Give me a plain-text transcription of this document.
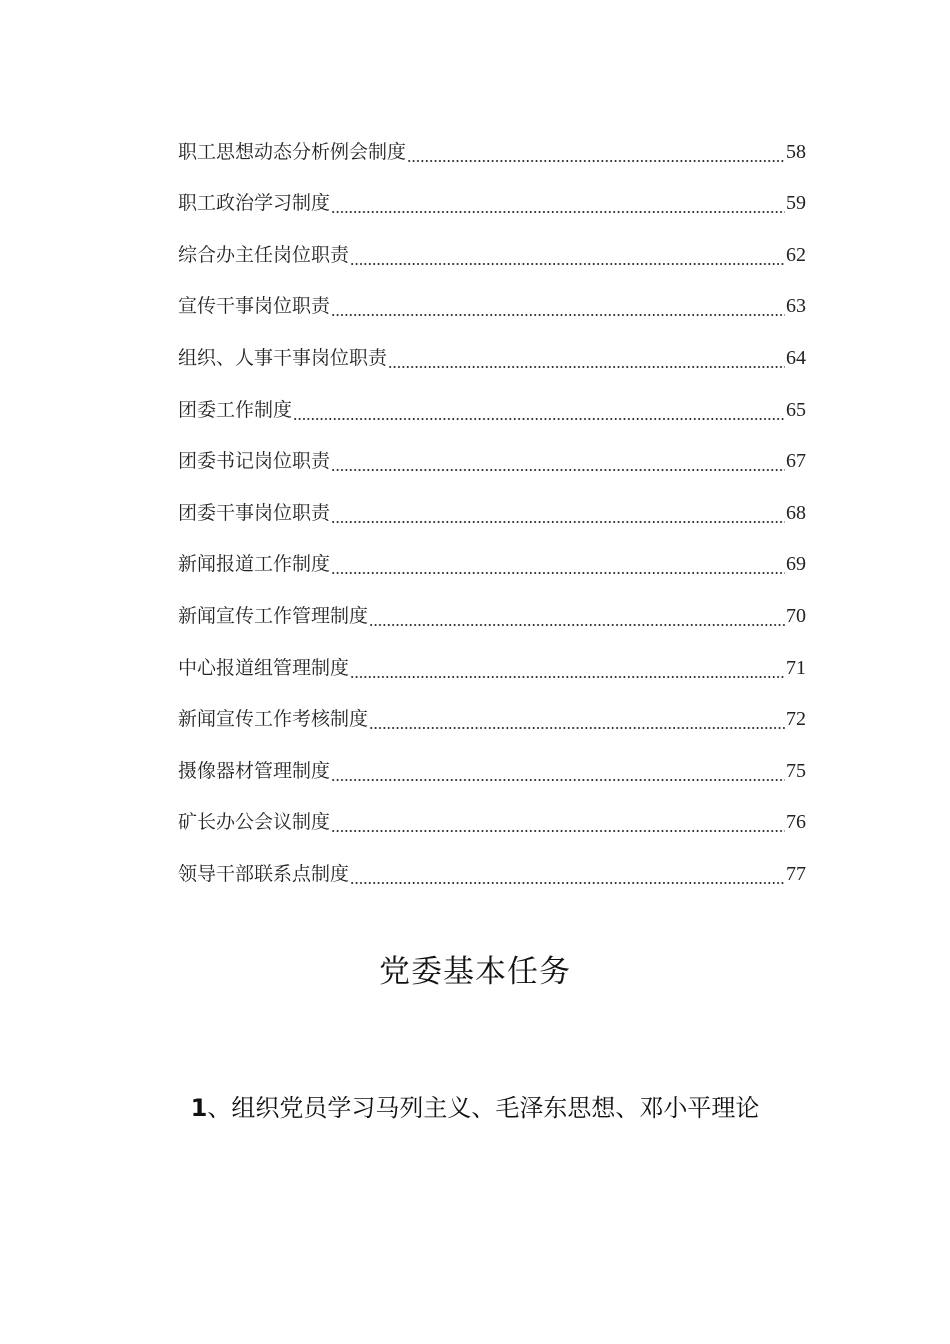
职工思想动态分析例会制度	58
职工政治学习制度	59
综合办主任岗位职责	62
宣传干事岗位职责	63
组织、人事干事岗位职责	64
团委工作制度	65
团委书记岗位职责	67
团委干事岗位职责	68
新闻报道工作制度	69
新闻宣传工作管理制度	70
中心报道组管理制度	71
新闻宣传工作考核制度	72
摄像器材管理制度	75
矿长办公会议制度	76
领导干部联系点制度	77
党委基本任务
1、组织党员学习马列主义、毛泽东思想、邓小平理论
